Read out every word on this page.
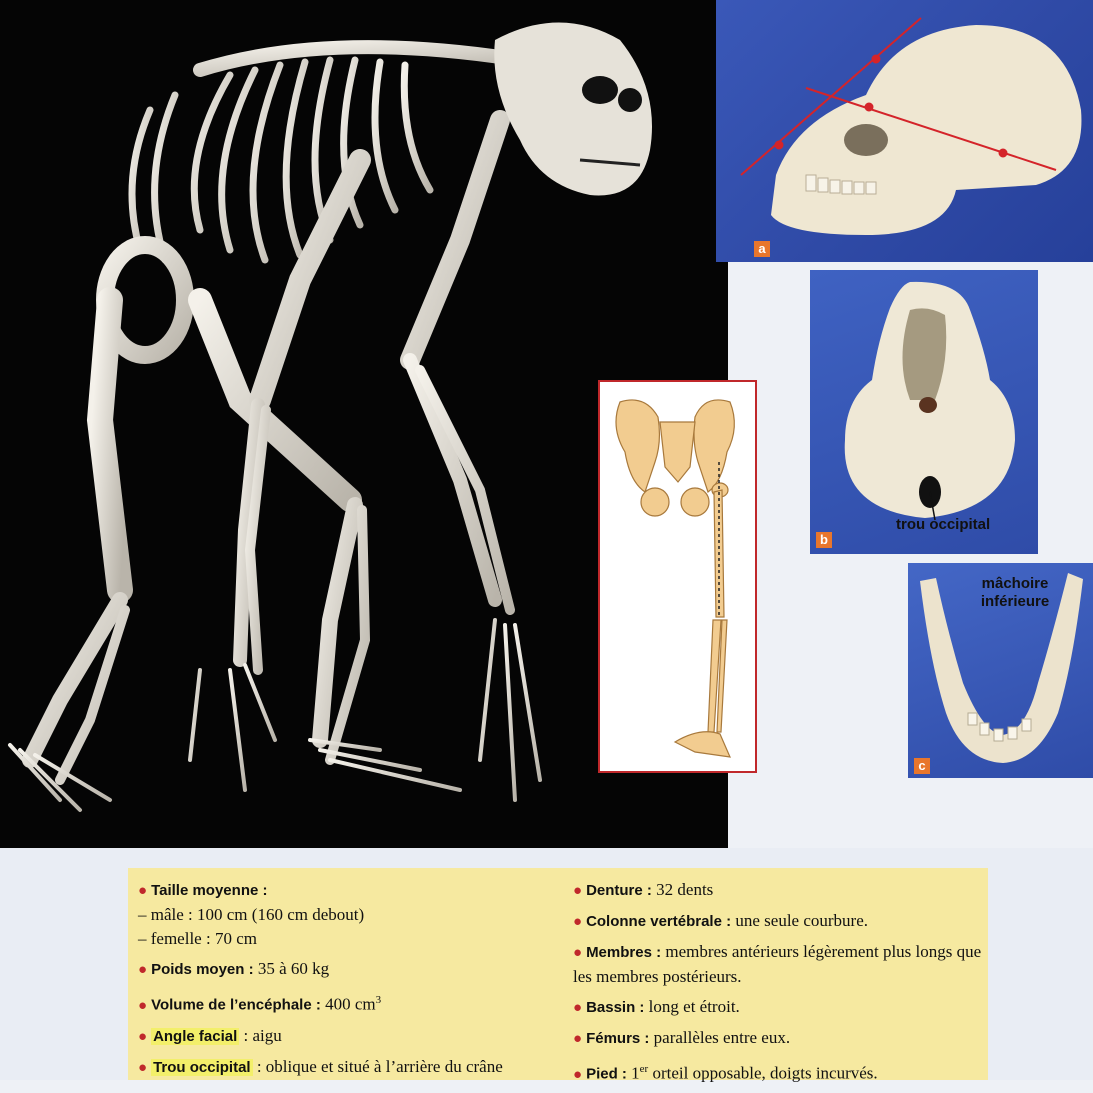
a
trou occipital
b
mâchoire inférieure
c
● Taille moyenne :
– mâle : 100 cm (160 cm debout)
– femelle : 70 cm
● Poids moyen : 35 à 60 kg
● Volume de l’encéphale : 400 $cm^3$
● Angle facial : aigu
● Trou occipital : oblique et situé à l’arrière du crâne
● Denture : 32 dents
● Colonne vertébrale : une seule courbure.
● Membres : membres antérieurs légèrement plus longs que les membres postérieurs.
● Bassin : long et étroit.
● Fémurs : parallèles entre eux.
● Pied : 1er orteil opposable, doigts incurvés.
